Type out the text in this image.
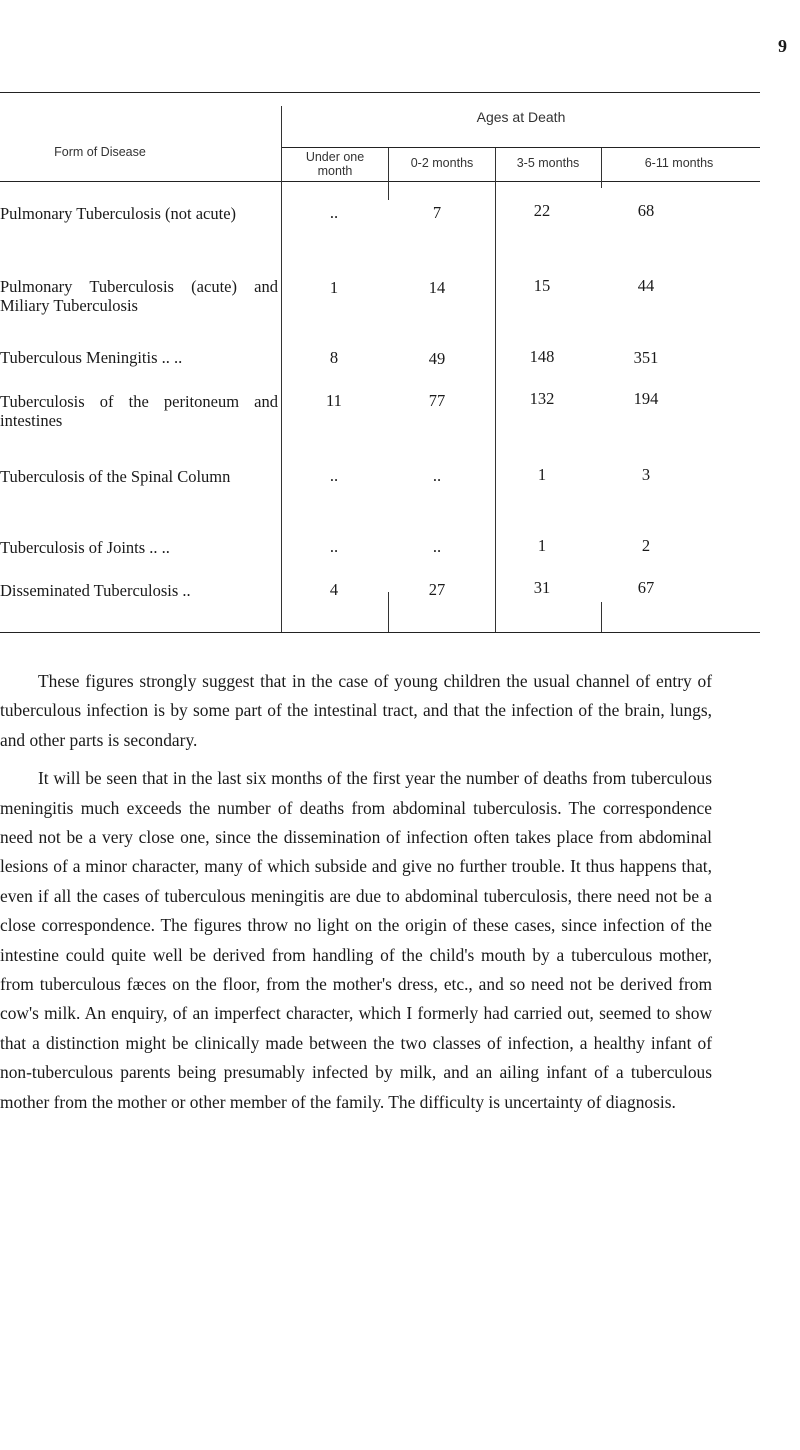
9
Ages at Death
Form of Disease	Under one month
0-2 months	3-5 months	6-11 months
Pulmonary Tuberculosis (not acute)	..	7	22	68
Pulmonary Tuberculosis (acute) and Miliary Tuberculosis
1	14	15	44
Tuberculous Meningitis .. ..	8	49	148	351
Tuberculosis of the peritoneum and intestines
11	77	132	194
Tuberculosis of the Spinal Column	..	..	1	3
Tuberculosis of Joints .. ..	..	..	1	2
Disseminated Tuberculosis ..	4	27	31	67

These figures strongly suggest that in the case of young children the usual channel of entry of tuberculous infection is by some part of the intestinal tract, and that the infection of the brain, lungs, and other parts is secondary.

It will be seen that in the last six months of the first year the number of deaths from tuberculous meningitis much exceeds the number of deaths from abdominal tuberculosis. The correspondence need not be a very close one, since the dissemination of infection often takes place from abdominal lesions of a minor character, many of which subside and give no further trouble. It thus happens that, even if all the cases of tuberculous meningitis are due to abdominal tuberculosis, there need not be a close correspondence. The figures throw no light on the origin of these cases, since infection of the intestine could quite well be derived from handling of the child's mouth by a tuberculous mother, from tuberculous fæces on the floor, from the mother's dress, etc., and so need not be derived from cow's milk. An enquiry, of an imperfect character, which I formerly had carried out, seemed to show that a distinction might be clinically made between the two classes of infection, a healthy infant of non-tuberculous parents being presumably infected by milk, and an ailing infant of a tuberculous mother from the mother or other member of the family. The difficulty is uncertainty of diagnosis.
